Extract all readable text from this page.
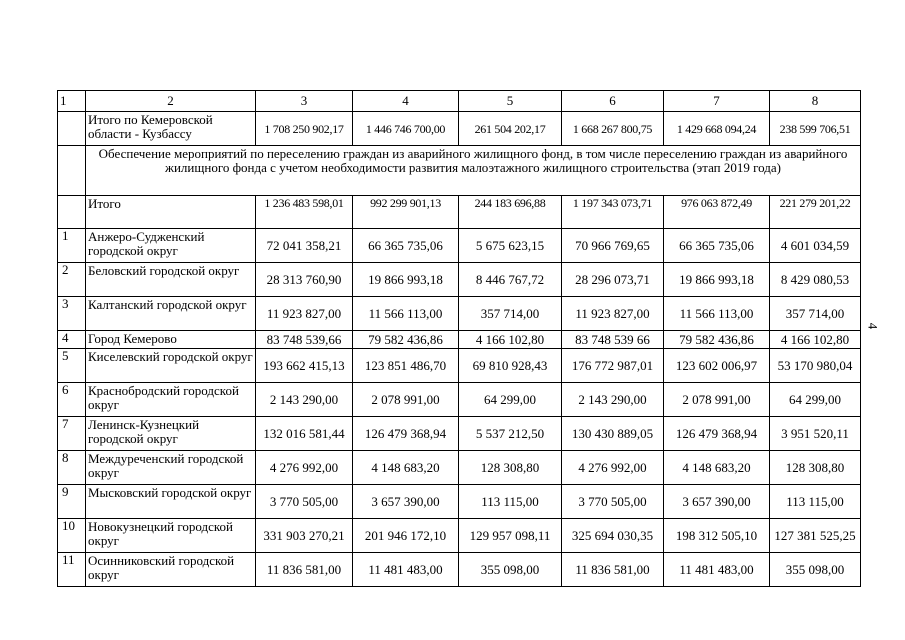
1	2	3	4	5	6	7	8
	Итого по Кемеровской области - Кузбассу	1 708 250 902,17	1 446 746 700,00	261 504 202,17	1 668 267 800,75	1 429 668 094,24	238 599 706,51
	Обеспечение мероприятий по переселению граждан из аварийного жилищного фонд, в том числе переселению граждан из аварийного жилищного фонда с учетом необходимости развития малоэтажного жилищного строительства (этап 2019 года)						
	Итого	1 236 483 598,01	992 299 901,13	244 183 696,88	1 197 343 073,71	976 063 872,49	221 279 201,22
1	Анжеро-Судженский городской округ	72 041 358,21	66 365 735,06	5 675 623,15	70 966 769,65	66 365 735,06	4 601 034,59
2	Беловский городской округ	28 313 760,90	19 866 993,18	8 446 767,72	28 296 073,71	19 866 993,18	8 429 080,53
3	Калтанский городской округ	11 923 827,00	11 566 113,00	357 714,00	11 923 827,00	11 566 113,00	357 714,00
4	Город Кемерово	83 748 539,66	79 582 436,86	4 166 102,80	83 748 539 66	79 582 436,86	4 166 102,80
5	Киселевский городской округ	193 662 415,13	123 851 486,70	69 810 928,43	176 772 987,01	123 602 006,97	53 170 980,04
6	Краснобродский городской округ	2 143 290,00	2 078 991,00	64 299,00	2 143 290,00	2 078 991,00	64 299,00
7	Ленинск-Кузнецкий городской округ	132 016 581,44	126 479 368,94	5 537 212,50	130 430 889,05	126 479 368,94	3 951 520,11
8	Междуреченский городской округ	4 276 992,00	4 148 683,20	128 308,80	4 276 992,00	4 148 683,20	128 308,80
9	Мысковский городской округ	3 770 505,00	3 657 390,00	113 115,00	3 770 505,00	3 657 390,00	113 115,00
10	Новокузнецкий городской округ	331 903 270,21	201 946 172,10	129 957 098,11	325 694 030,35	198 312 505,10	127 381 525,25
11	Осинниковский городской округ	11 836 581,00	11 481 483,00	355 098,00	11 836 581,00	11 481 483,00	355 098,00
4
